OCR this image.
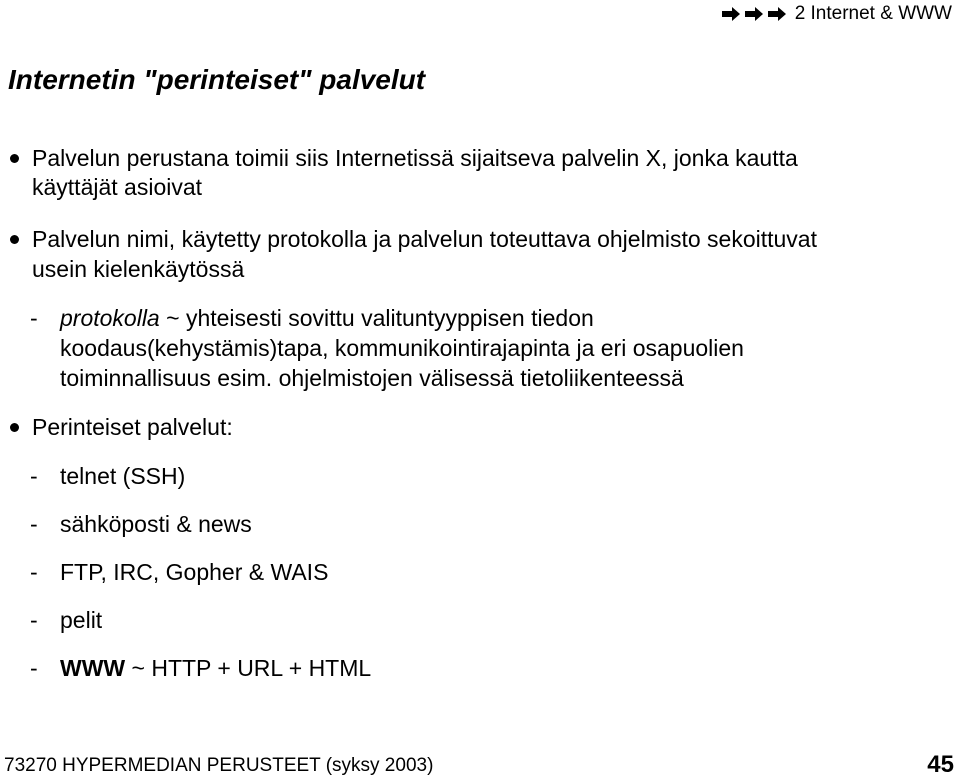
2 Internet & WWW
Internetin "perinteiset" palvelut
Palvelun perustana toimii siis Internetissä sijaitseva palvelin X, jonka kautta
käyttäjät asioivat
Palvelun nimi, käytetty protokolla ja palvelun toteuttava ohjelmisto sekoittuvat
usein kielenkäytössä
- protokolla ~ yhteisesti sovittu valituntyyppisen tiedon
koodaus(kehystämis)tapa, kommunikointirajapinta ja eri osapuolien
toiminnallisuus esim. ohjelmistojen välisessä tietoliikenteessä
Perinteiset palvelut:
- telnet (SSH)
- sähköposti & news
- FTP, IRC, Gopher & WAIS
- pelit
- WWW ~ HTTP + URL + HTML
73270 HYPERMEDIAN PERUSTEET (syksy 2003)	45
